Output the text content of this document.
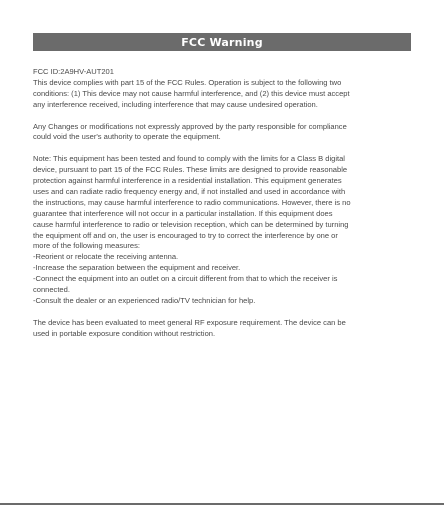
FCC Warning

FCC ID:2A9HV-AUT201

This device complies with part 15 of the FCC Rules. Operation is subject to the following two

conditions: (1) This device may not cause harmful interference, and (2) this device must accept

any interference received, including interference that may cause undesired operation.

Any Changes or modifications not expressly approved by the party responsible for compliance

could void the user's authority to operate the equipment.

Note: This equipment has been tested and found to comply with the limits for a Class B digital

device, pursuant to part 15 of the FCC Rules. These limits are designed to provide reasonable

protection against harmful interference in a residential installation. This equipment generates

uses and can radiate radio frequency energy and, if not installed and used in accordance with

the instructions, may cause harmful interference to radio communications. However, there is no

guarantee that interference will not occur in a particular installation. If this equipment does

cause harmful interference to radio or television reception, which can be determined by turning

the equipment off and on, the user is encouraged to try to correct the interference by one or

more of the following measures:

-Reorient or relocate the receiving antenna.

-Increase the separation between the equipment and receiver.

-Connect the equipment into an outlet on a circuit different from that to which the receiver is

connected.

-Consult the dealer or an experienced radio/TV technician for help.

The device has been evaluated to meet general RF exposure requirement. The device can be

used in portable exposure condition without restriction.
